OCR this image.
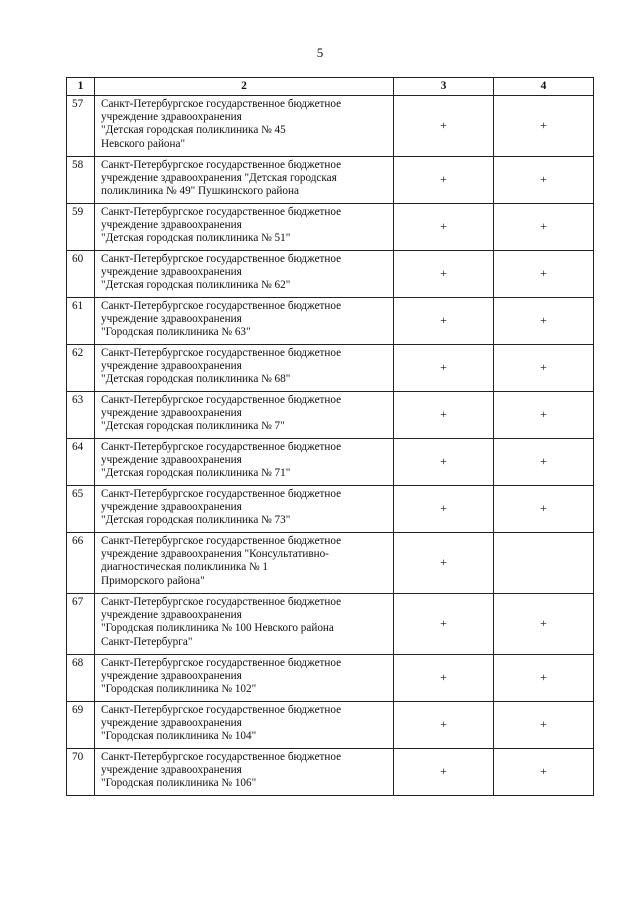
5
1	2	3	4
57	Санкт-Петербургское государственное бюджетное
учреждение здравоохранения
"Детская городская поликлиника № 45
Невского района"	+	+
58	Санкт-Петербургское государственное бюджетное
учреждение здравоохранения "Детская городская
поликлиника № 49" Пушкинского района	+	+
59	Санкт-Петербургское государственное бюджетное
учреждение здравоохранения
"Детская городская поликлиника № 51"	+	+
60	Санкт-Петербургское государственное бюджетное
учреждение здравоохранения
"Детская городская поликлиника № 62"	+	+
61	Санкт-Петербургское государственное бюджетное
учреждение здравоохранения
"Городская поликлиника № 63"	+	+
62	Санкт-Петербургское государственное бюджетное
учреждение здравоохранения
"Детская городская поликлиника № 68"	+	+
63	Санкт-Петербургское государственное бюджетное
учреждение здравоохранения
"Детская городская поликлиника № 7"	+	+
64	Санкт-Петербургское государственное бюджетное
учреждение здравоохранения
"Детская городская поликлиника № 71"	+	+
65	Санкт-Петербургское государственное бюджетное
учреждение здравоохранения
"Детская городская поликлиника № 73"	+	+
66	Санкт-Петербургское государственное бюджетное
учреждение здравоохранения "Консультативно-
диагностическая поликлиника № 1
Приморского района"	+	
67	Санкт-Петербургское государственное бюджетное
учреждение здравоохранения
"Городская поликлиника № 100 Невского района
Санкт-Петербурга"	+	+
68	Санкт-Петербургское государственное бюджетное
учреждение здравоохранения
"Городская поликлиника № 102"	+	+
69	Санкт-Петербургское государственное бюджетное
учреждение здравоохранения
"Городская поликлиника № 104"	+	+
70	Санкт-Петербургское государственное бюджетное
учреждение здравоохранения
"Городская поликлиника № 106"	+	+
